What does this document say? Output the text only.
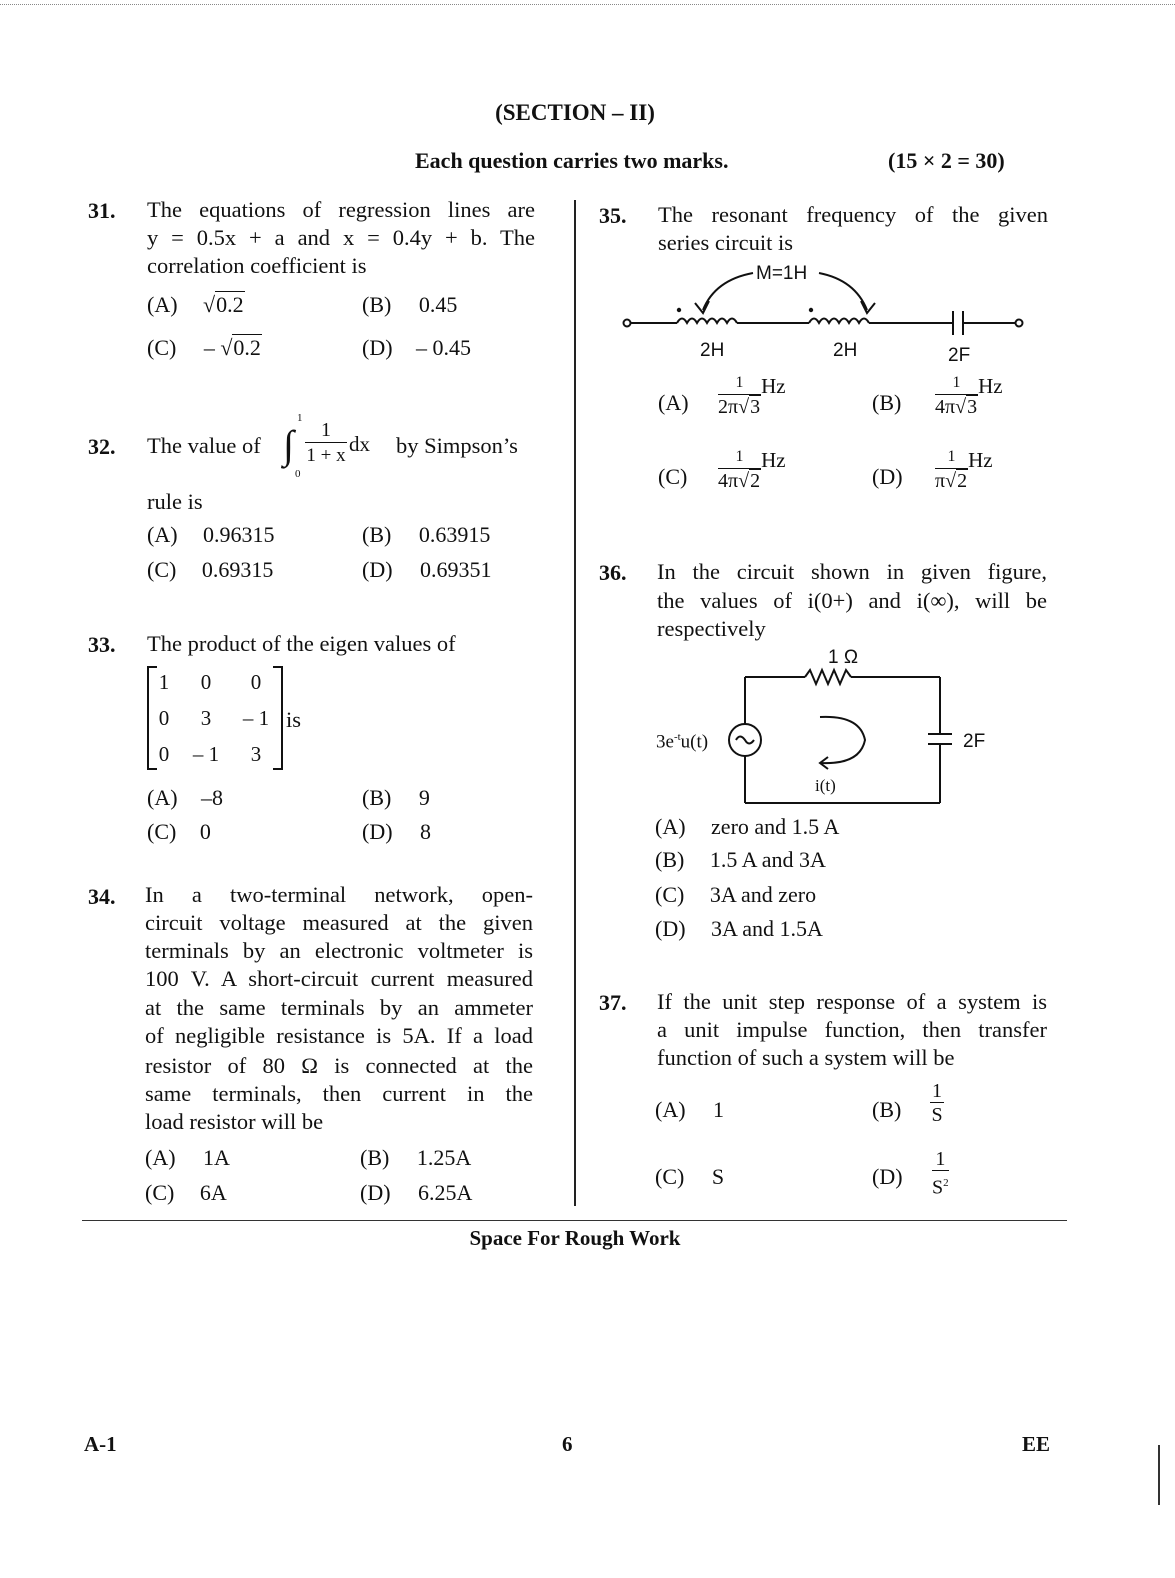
(SECTION – II)
Each question carries two marks.	(15 × 2 = 30)
31. The equations of regression lines are
y = 0.5x + a and x = 0.4y + b. The
correlation coefficient is
(A) √0.2	(B) 0.45
(C) – √0.2	(D) – 0.45
32. The value of ∫
1
0
1
1 + x dx by Simpson’s
rule is
(A) 0.96315	(B) 0.63915
(C) 0.69315	(D) 0.69351
33. The product of the eigen values of
1	0	0
0	3	– 1
0	– 1	3
is
(A) –8	(B) 9
(C) 0	(D) 8
34. In a two-terminal network, open-
circuit voltage measured at the given
terminals by an electronic voltmeter is
100 V. A short-circuit current measured
at the same terminals by an ammeter
of negligible resistance is 5A. If a load
resistor of 80 Ω is connected at the
same terminals, then current in the
load resistor will be
(A) 1A	(B) 1.25A
(C) 6A	(D) 6.25A
35. The resonant frequency of the given
series circuit is
M=1H
2H	2H	2F
$(A) \frac{1}{2\pi√3}$ Hz
$(B) \frac{1}{4\pi√3}$ Hz
$(C) \frac{1}{4\pi√2}$ Hz
$(D) \frac{1}{\pi√2}$ Hz
36. In the circuit shown in given figure,
the values of i(0+) and i(∞), will be
respectively
1 Ω
2F
$3e^{-t}u(t)$
i(t)
(A) zero and 1.5 A
(B) 1.5 A and 3A
(C) 3A and zero
(D) 3A and 1.5A
37. If the unit step response of a system is
a unit impulse function, then transfer
function of such a system will be
(A) 1	$(B) \frac{1}{S}$
(C) S	$(D) \frac{1}{S^2}$
Space For Rough Work
A-1	6	EE
